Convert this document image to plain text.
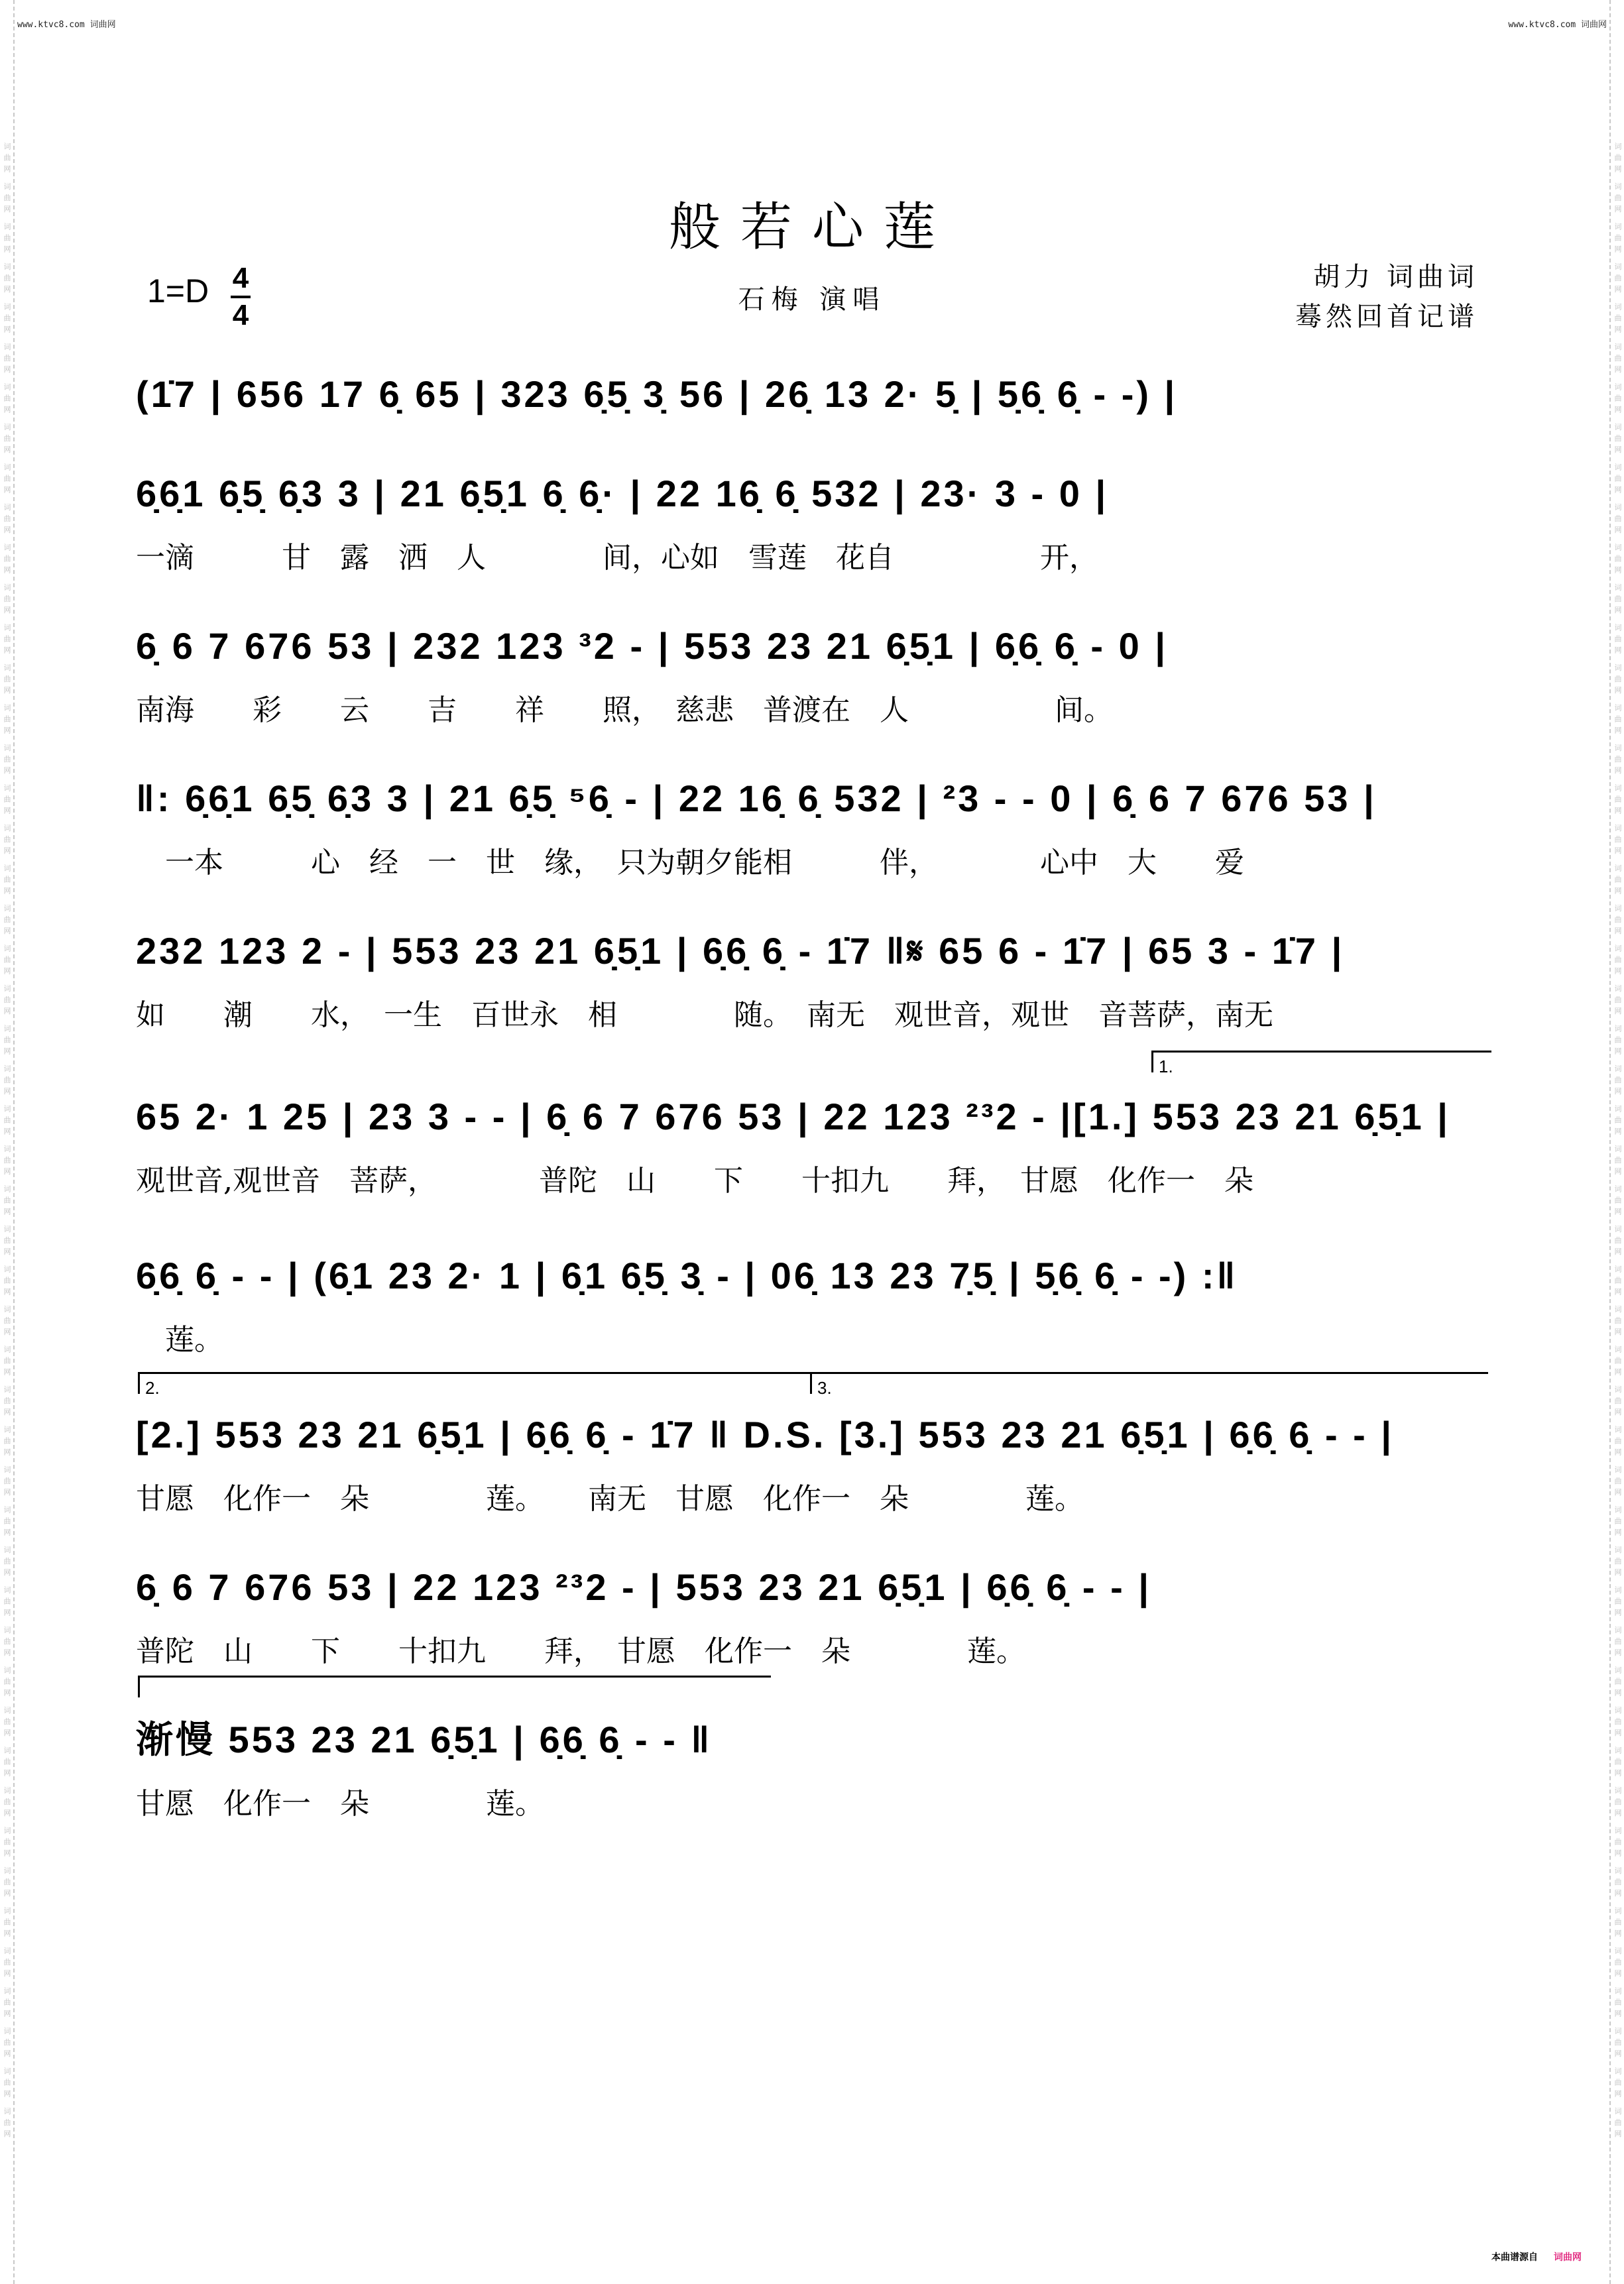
词曲网 词曲网 词曲网 词曲网 词曲网 词曲网 词曲网 词曲网 词曲网 词曲网 词曲网 词曲网 词曲网 词曲网 词曲网 词曲网 词曲网 词曲网 词曲网 词曲网 词曲网 词曲网 词曲网 词曲网 词曲网 词曲网 词曲网 词曲网 词曲网 词曲网 词曲网 词曲网 词曲网 词曲网 词曲网 词曲网 词曲网 词曲网 词曲网 词曲网 词曲网 词曲网 词曲网 词曲网 词曲网 词曲网 词曲网 词曲网 词曲网 词曲网
词曲网 词曲网 词曲网 词曲网 词曲网 词曲网 词曲网 词曲网 词曲网 词曲网 词曲网 词曲网 词曲网 词曲网 词曲网 词曲网 词曲网 词曲网 词曲网 词曲网 词曲网 词曲网 词曲网 词曲网 词曲网 词曲网 词曲网 词曲网 词曲网 词曲网 词曲网 词曲网 词曲网 词曲网 词曲网 词曲网 词曲网 词曲网 词曲网 词曲网 词曲网 词曲网 词曲网 词曲网 词曲网 词曲网 词曲网 词曲网 词曲网 词曲网
www.ktvc8.com 词曲网	www.ktvc8.com 词曲网
般若心莲
1=D 4
4	石梅 演唱
胡力 词曲词
蓦然回首记谱
(1̇7 | 656 17 6̣ 65 | 323 6̣5̣ 3̣ 56 | 26̣ 13 2· 5̣ | 5̣6̣ 6̣ - -) |
6̣6̣1 6̣5̣ 6̣3 3 | 21 6̣5̣1 6̣ 6̣· | 22 16̣ 6̣ 532 | 23· 3 - 0 |
一滴　　　甘　露　洒　人　　　　间，心如　雪莲　花自　　　　　开，
6̣ 6 7 676 53 | 232 123 ³2 - | 553 23 21 6̣5̣1 | 6̣6̣ 6̣ - 0 |
南海　　彩　　云　　吉　　祥　　照，　慈悲　普渡在　人　　　　　间。
‖: 6̣6̣1 6̣5̣ 6̣3 3 | 21 6̣5̣ ⁵6̣ - | 22 16̣ 6̣ 532 | ²3 - - 0 | 6̣ 6 7 676 53 |
　一本　　　心　经　一　世　缘，　只为朝夕能相　　　伴，　　　　心中　大　　爱
232 123 2 - | 553 23 21 6̣5̣1 | 6̣6̣ 6̣ - 1̇7 ‖𝄋 65 6 - 1̇7 | 65 3 - 1̇7 |
如　　潮　　水，　一生　百世永　相　　　　随。　南无　观世音，观世　音菩萨，南无
65 2· 1 25 | 23 3 - - | 6̣ 6 7 676 53 | 22 123 ²³2 - |[1.] 553 23 21 6̣5̣1 |
观世音,观世音　菩萨，　　　　普陀　山　　下　　十扣九　　拜，　甘愿　化作一　朵
6̣6̣ 6̣ - - | (6̣1 23 2· 1 | 6̣1 6̣5̣ 3̣ - | 06̣ 13 23 7̣5̣ | 5̣6̣ 6̣ - -) :‖
　莲。
[2.] 553 23 21 6̣5̣1 | 6̣6̣ 6̣ - 1̇7 ‖ D.S. [3.] 553 23 21 6̣5̣1 | 6̣6̣ 6̣ - - |
甘愿　化作一　朵　　　　莲。　　南无　甘愿　化作一　朵　　　　莲。
6̣ 6 7 676 53 | 22 123 ²³2 - | 553 23 21 6̣5̣1 | 6̣6̣ 6̣ - - |
普陀　山　　下　　十扣九　　拜，　甘愿　化作一　朵　　　　莲。
渐慢 553 23 21 6̣5̣1 | 6̣6̣ 6̣ - - ‖
甘愿　化作一　朵　　　　莲。
1.
2.	3.
本曲谱源自 词曲网
